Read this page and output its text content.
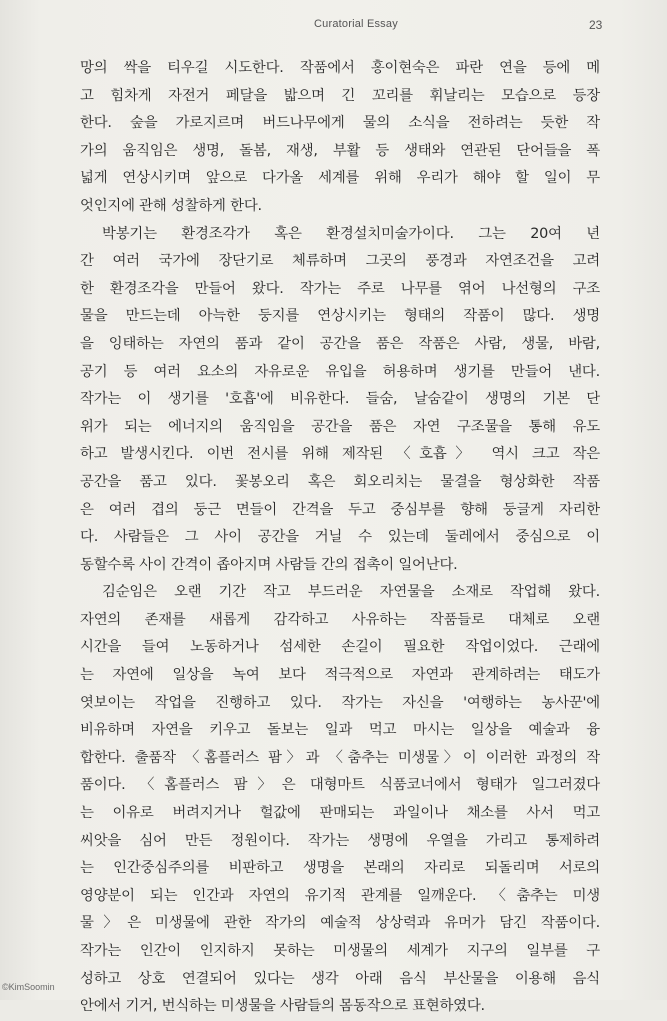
Curatorial Essay	23
망의 싹을 티우길 시도한다. 작품에서 홍이현숙은 파란 연을 등에 메
고 힘차게 자전거 페달을 밟으며 긴 꼬리를 휘날리는 모습으로 등장
한다. 숲을 가로지르며 버드나무에게 물의 소식을 전하려는 듯한 작
가의 움직임은 생명, 돌봄, 재생, 부활 등 생태와 연관된 단어들을 폭
넓게 연상시키며 앞으로 다가올 세계를 위해 우리가 해야 할 일이 무
엇인지에 관해 성찰하게 한다.
박봉기는 환경조각가 혹은 환경설치미술가이다. 그는 20여 년
간 여러 국가에 장단기로 체류하며 그곳의 풍경과 자연조건을 고려
한 환경조각을 만들어 왔다. 작가는 주로 나무를 엮어 나선형의 구조
물을 만드는데 아늑한 둥지를 연상시키는 형태의 작품이 많다. 생명
을 잉태하는 자연의 품과 같이 공간을 품은 작품은 사람, 생물, 바람,
공기 등 여러 요소의 자유로운 유입을 허용하며 생기를 만들어 낸다.
작가는 이 생기를 '호흡'에 비유한다. 들숨, 날숨같이 생명의 기본 단
위가 되는 에너지의 움직임을 공간을 품은 자연 구조물을 통해 유도
하고 발생시킨다. 이번 전시를 위해 제작된 〈호흡〉 역시 크고 작은
공간을 품고 있다. 꽃봉오리 혹은 회오리치는 물결을 형상화한 작품
은 여러 겹의 둥근 면들이 간격을 두고 중심부를 향해 둥글게 자리한
다. 사람들은 그 사이 공간을 거닐 수 있는데 둘레에서 중심으로 이
동할수록 사이 간격이 좁아지며 사람들 간의 접촉이 일어난다.
김순임은 오랜 기간 작고 부드러운 자연물을 소재로 작업해 왔다.
자연의 존재를 새롭게 감각하고 사유하는 작품들로 대체로 오랜
시간을 들여 노동하거나 섬세한 손길이 필요한 작업이었다. 근래에
는 자연에 일상을 녹여 보다 적극적으로 자연과 관계하려는 태도가
엿보이는 작업을 진행하고 있다. 작가는 자신을 '여행하는 농사꾼'에
비유하며 자연을 키우고 돌보는 일과 먹고 마시는 일상을 예술과 융
합한다. 출품작 〈홈플러스 팜〉과 〈춤추는 미생물〉이 이러한 과정의 작
품이다. 〈홈플러스 팜〉은 대형마트 식품코너에서 형태가 일그러졌다
는 이유로 버려지거나 헐값에 판매되는 과일이나 채소를 사서 먹고
씨앗을 심어 만든 정원이다. 작가는 생명에 우열을 가리고 통제하려
는 인간중심주의를 비판하고 생명을 본래의 자리로 되돌리며 서로의
영양분이 되는 인간과 자연의 유기적 관계를 일깨운다. 〈춤추는 미생
물〉은 미생물에 관한 작가의 예술적 상상력과 유머가 담긴 작품이다.
작가는 인간이 인지하지 못하는 미생물의 세계가 지구의 일부를 구
성하고 상호 연결되어 있다는 생각 아래 음식 부산물을 이용해 음식
안에서 기거, 번식하는 미생물을 사람들의 몸동작으로 표현하였다.
©KimSoomin
